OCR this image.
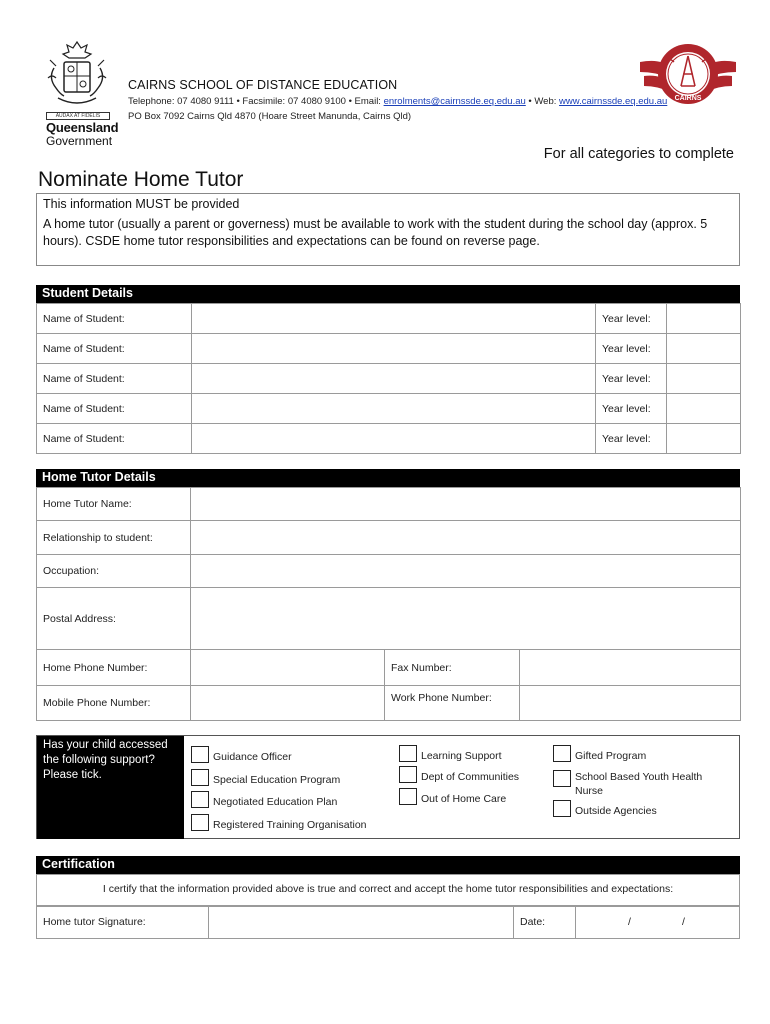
AUDAX AT FIDELIS
Queensland
Government
CAIRNS SCHOOL OF DISTANCE EDUCATION
Telephone: 07 4080 9111 • Facsimile: 07 4080 9100 • Email: enrolments@cairnssde.eq.edu.au • Web: www.cairnssde.eq.edu.au
PO Box 7092 Cairns Qld 4870 (Hoare Street Manunda, Cairns Qld)
CAIRNS
For all categories to complete
Nominate Home Tutor
This information MUST be provided
A home tutor (usually a parent or governess) must be available to work with the student during the school day (approx. 5 hours). CSDE home tutor responsibilities and expectations can be found on reverse page.
Student Details
Name of Student:		Year level:	
Name of Student:		Year level:	
Name of Student:		Year level:	
Name of Student:		Year level:	
Name of Student:		Year level:	
Home Tutor Details
Home Tutor Name:			
Relationship to student:			
Occupation:			
Postal Address:			
Home Phone Number:		Fax Number:	
Mobile Phone Number:		Work Phone Number:	
Has your child accessed the following support? Please tick.
Guidance Officer
Special Education Program
Negotiated Education Plan
Registered Training Organisation
Learning Support
Dept of Communities
Out of Home Care
Gifted Program
School Based Youth Health Nurse
Outside Agencies
Certification
I certify that the information provided above is true and correct and accept the home tutor responsibilities and expectations:
Home tutor Signature:	Date:	/	/
